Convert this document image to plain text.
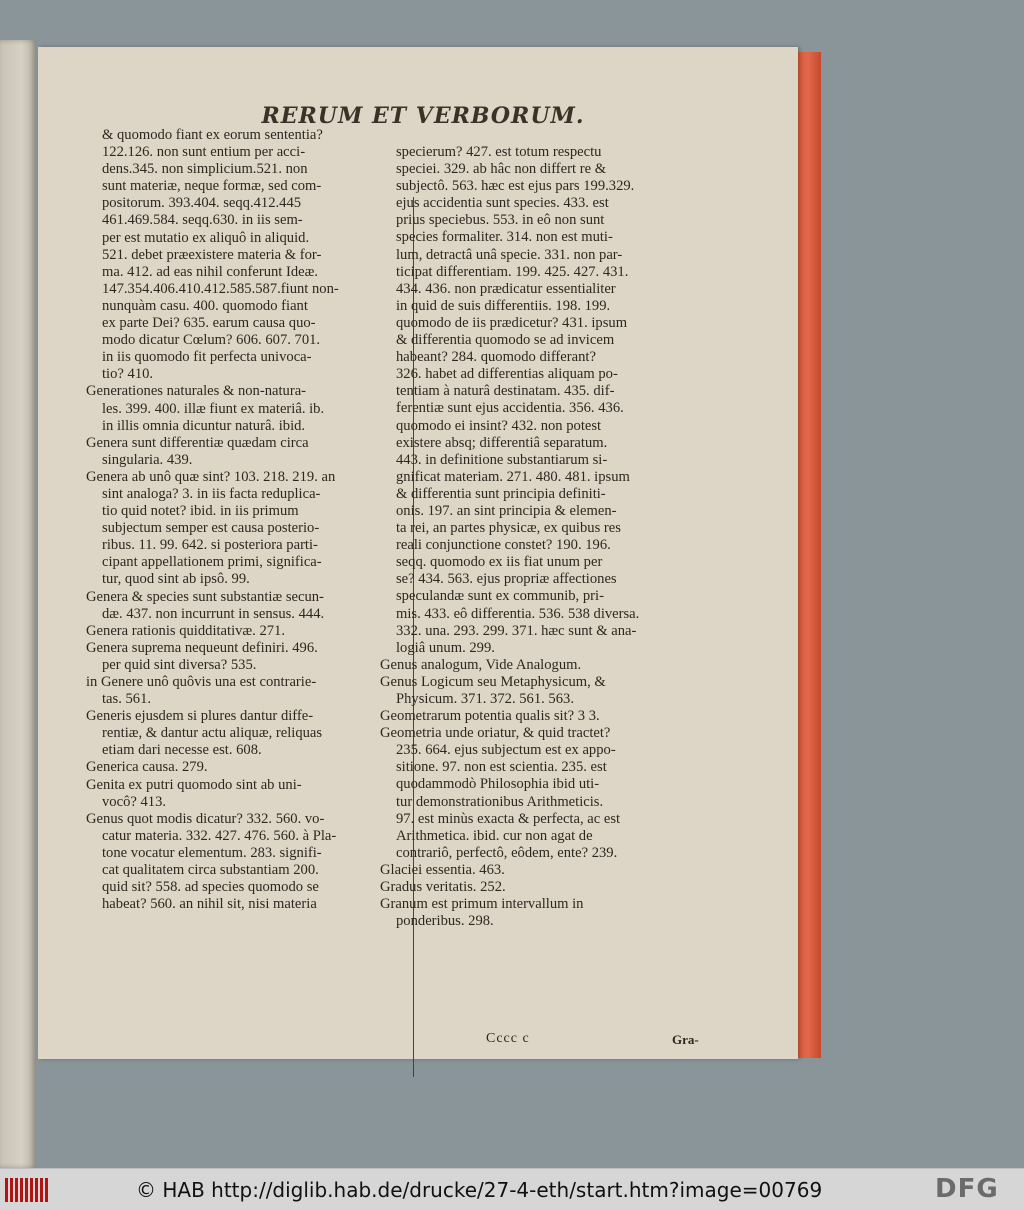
RERUM ET VERBORUM.
& quomodo fiant ex eorum sententia?
122.126. non sunt entium per acci-
dens.345. non simplicium.521. non
sunt materiæ, neque formæ, sed com-
positorum. 393.404. seqq.412.445
461.469.584. seqq.630. in iis sem-
per est mutatio ex aliquô in aliquid.
521. debet præexistere materia & for-
ma. 412. ad eas nihil conferunt Ideæ.
147.354.406.410.412.585.587.fiunt non-
nunquàm casu. 400. quomodo fiant
ex parte Dei? 635. earum causa quo-
modo dicatur Cœlum? 606. 607. 701.
in iis quomodo fit perfecta univoca-
tio? 410.
Generationes naturales & non-natura-
les. 399. 400. illæ fiunt ex materiâ. ib.
in illis omnia dicuntur naturâ. ibid.
Genera sunt differentiæ quædam circa
singularia. 439.
Genera ab unô quæ sint? 103. 218. 219. an
sint analoga? 3. in iis facta reduplica-
tio quid notet? ibid. in iis primum
subjectum semper est causa posterio-
ribus. 11. 99. 642. si posteriora parti-
cipant appellationem primi, significa-
tur, quod sint ab ipsô. 99.
Genera & species sunt substantiæ secun-
dæ. 437. non incurrunt in sensus. 444.
Genera rationis quidditativæ. 271.
Genera suprema nequeunt definiri. 496.
per quid sint diversa? 535.
in Genere unô quôvis una est contrarie-
tas. 561.
Generis ejusdem si plures dantur diffe-
rentiæ, & dantur actu aliquæ, reliquas
etiam dari necesse est. 608.
Generica causa. 279.
Genita ex putri quomodo sint ab uni-
vocô? 413.
Genus quot modis dicatur? 332. 560. vo-
catur materia. 332. 427. 476. 560. à Pla-
tone vocatur elementum. 283. signifi-
cat qualitatem circa substantiam 200.
quid sit? 558. ad species quomodo se
habeat? 560. an nihil sit, nisi materia
specierum? 427. est totum respectu
speciei. 329. ab hâc non differt re &
subjectô. 563. hæc est ejus pars 199.329.
ejus accidentia sunt species. 433. est
prius speciebus. 553. in eô non sunt
species formaliter. 314. non est muti-
lum, detractâ unâ specie. 331. non par-
ticipat differentiam. 199. 425. 427. 431.
434. 436. non prædicatur essentialiter
in quid de suis differentiis. 198. 199.
quomodo de iis prædicetur? 431. ipsum
& differentia quomodo se ad invicem
habeant? 284. quomodo differant?
326. habet ad differentias aliquam po-
tentiam à naturâ destinatam. 435. dif-
ferentiæ sunt ejus accidentia. 356. 436.
quomodo ei insint? 432. non potest
existere absq; differentiâ separatum.
443. in definitione substantiarum si-
gnificat materiam. 271. 480. 481. ipsum
& differentia sunt principia definiti-
onis. 197. an sint principia & elemen-
ta rei, an partes physicæ, ex quibus res
reali conjunctione constet? 190. 196.
seqq. quomodo ex iis fiat unum per
se? 434. 563. ejus propriæ affectiones
speculandæ sunt ex communib, pri-
mis. 433. eô differentia. 536. 538 diversa.
332. una. 293. 299. 371. hæc sunt & ana-
logiâ unum. 299.
Genus analogum, Vide Analogum.
Genus Logicum seu Metaphysicum, &
Physicum. 371. 372. 561. 563.
Geometrarum potentia qualis sit? 3 3.
Geometria unde oriatur, & quid tractet?
235. 664. ejus subjectum est ex appo-
sitione. 97. non est scientia. 235. est
quodammodò Philosophia ibid uti-
tur demonstrationibus Arithmeticis.
97. est minùs exacta & perfecta, ac est
Arithmetica. ibid. cur non agat de
contrariô, perfectô, eôdem, ente? 239.
Glaciei essentia. 463.
Gradus veritatis. 252.
Granum est primum intervallum in
ponderibus. 298.
Cccc c	Gra-
© HAB http://diglib.hab.de/drucke/27-4-eth/start.htm?image=00769	DFG
